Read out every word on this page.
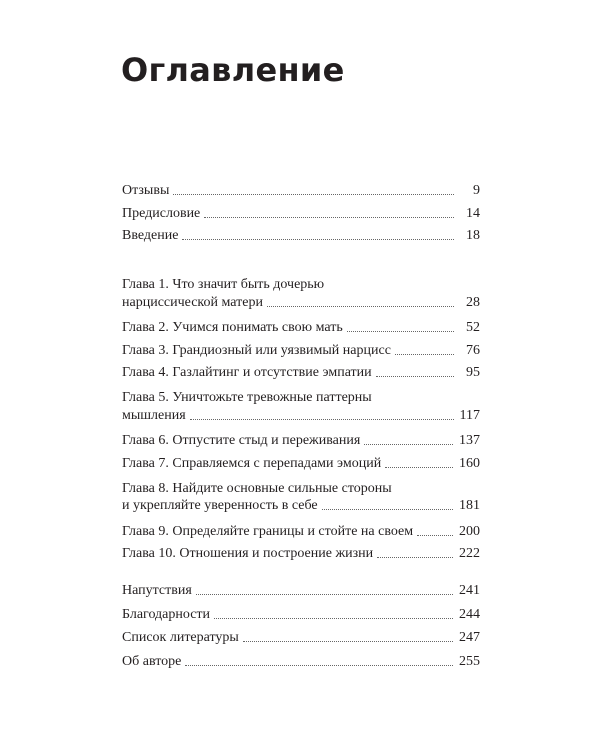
Оглавление
Отзывы	9
Предисловие	14
Введение	18
Глава 1. Что значит быть дочерью
нарциссической матери	28
Глава 2. Учимся понимать свою мать	52
Глава 3. Грандиозный или уязвимый нарцисс	76
Глава 4. Газлайтинг и отсутствие эмпатии	95
Глава 5. Уничтожьте тревожные паттерны
мышления	117
Глава 6. Отпустите стыд и переживания	137
Глава 7. Справляемся с перепадами эмоций	160
Глава 8. Найдите основные сильные стороны
и укрепляйте уверенность в себе	181
Глава 9. Определяйте границы и стойте на своем	200
Глава 10. Отношения и построение жизни	222
Напутствия	241
Благодарности	244
Список литературы	247
Об авторе	255
